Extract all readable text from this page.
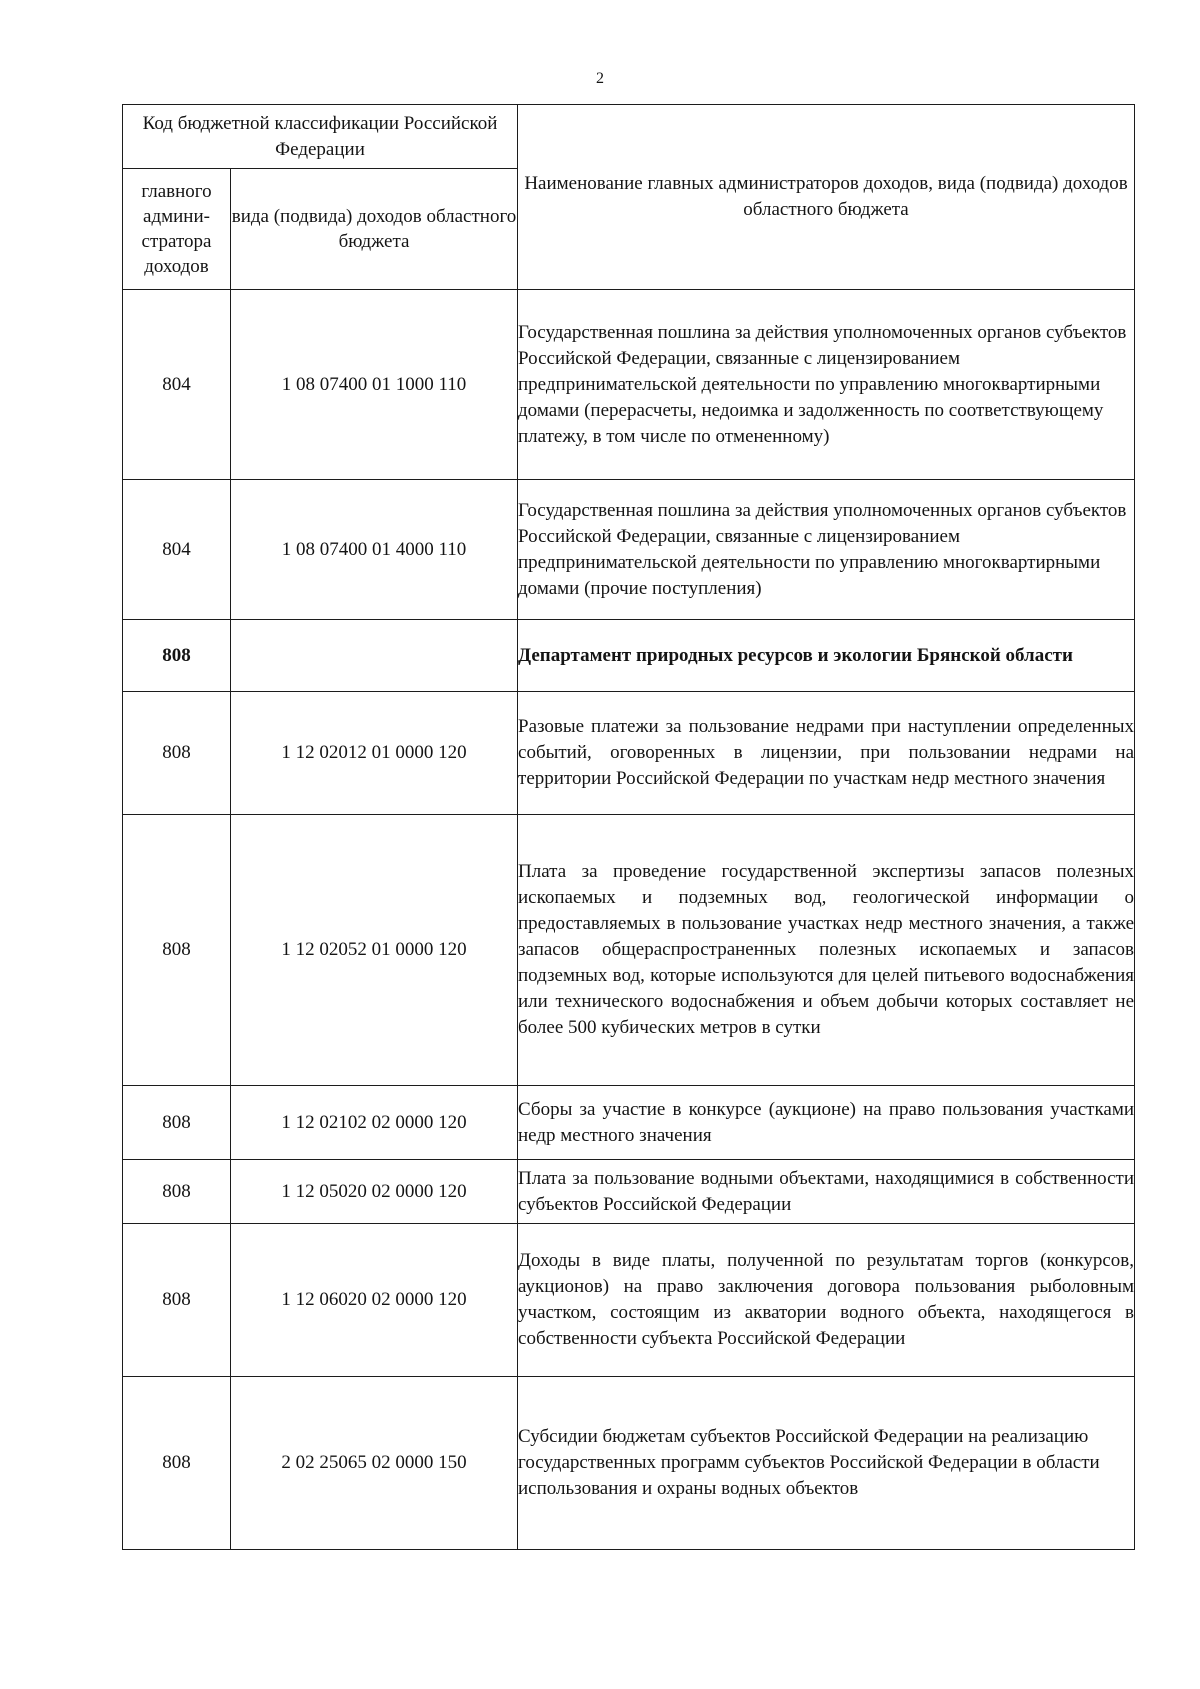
2
Код бюджетной классификации Российской Федерации		Наименование главных администраторов доходов, вида (подвида) доходов областного бюджета
главного админи-стратора доходов	вида (подвида) доходов областного бюджета	
804	1 08 07400 01 1000 110	Государственная пошлина за действия уполномоченных органов субъектов Российской Федерации, связанные с лицензированием предпринимательской деятельности по управлению многоквартирными домами (перерасчеты, недоимка и задолженность по соответствующему платежу, в том числе по отмененному)
804	1 08 07400 01 4000 110	Государственная пошлина за действия уполномоченных органов субъектов Российской Федерации, связанные с лицензированием предпринимательской деятельности по управлению многоквартирными домами (прочие поступления)
808		Департамент природных ресурсов и экологии Брянской области
808	1 12 02012 01 0000 120	Разовые платежи за пользование недрами при наступлении определенных событий, оговоренных в лицензии, при пользовании недрами на территории Российской Федерации по участкам недр местного значения
808	1 12 02052 01 0000 120	Плата за проведение государственной экспертизы запасов полезных ископаемых и подземных вод, геологической информации о предоставляемых в пользование участках недр местного значения, а также запасов общераспространенных полезных ископаемых и запасов подземных вод, которые используются для целей питьевого водоснабжения или технического водоснабжения и объем добычи которых составляет не более 500 кубических метров в сутки
808	1 12 02102 02 0000 120	Сборы за участие в конкурсе (аукционе) на право пользования участками недр местного значения
808	1 12 05020 02 0000 120	Плата за пользование водными объектами, находящимися в собственности субъектов Российской Федерации
808	1 12 06020 02 0000 120	Доходы в виде платы, полученной по результатам торгов (конкурсов, аукционов) на право заключения договора пользования рыболовным участком, состоящим из акватории водного объекта, находящегося в собственности субъекта Российской Федерации
808	2 02 25065 02 0000 150	Субсидии бюджетам субъектов Российской Федерации на реализацию государственных программ субъектов Российской Федерации в области использования и охраны водных объектов
